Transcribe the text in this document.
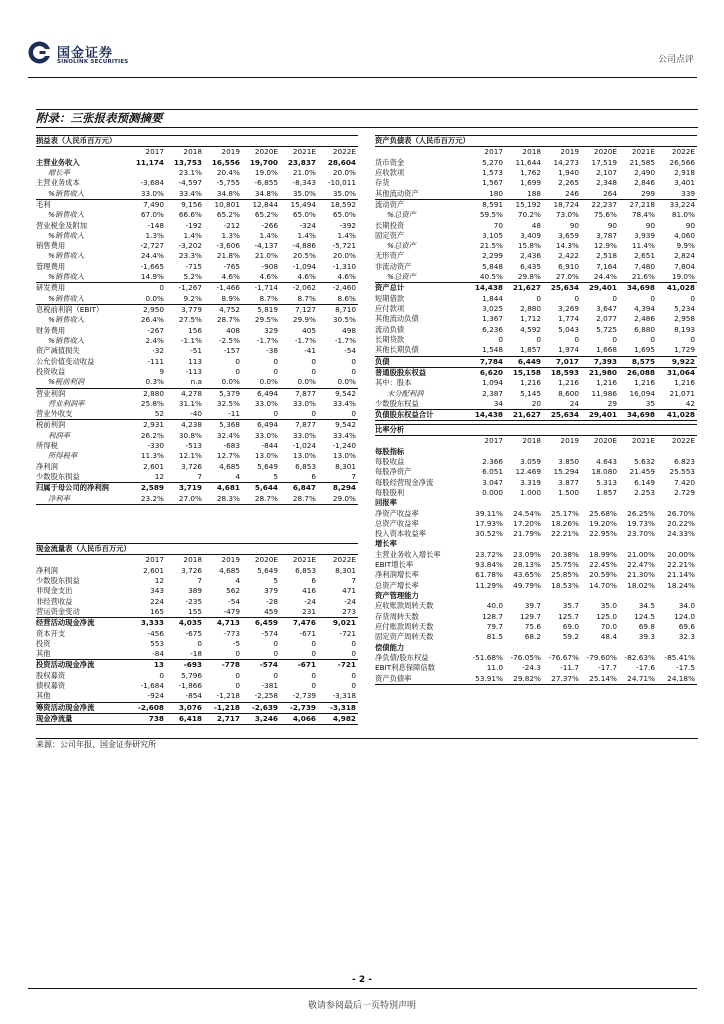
国金证券
SINOLINK SECURITIES	公司点评
附录：三张报表预测摘要
损益表（人民币百万元）						
	2017	2018	2019	2020E	2021E	2022E
主营业务收入	11,174	13,753	16,556	19,700	23,837	28,604
增长率		23.1%	20.4%	19.0%	21.0%	20.0%
主营业务成本	-3,684	-4,597	-5,755	-6,855	-8,343	-10,011
%销售收入	33.0%	33.4%	34.8%	34.8%	35.0%	35.0%
毛利	7,490	9,156	10,801	12,844	15,494	18,592
%销售收入	67.0%	66.6%	65.2%	65.2%	65.0%	65.0%
营业税金及附加	-148	-192	-212	-266	-324	-392
%销售收入	1.3%	1.4%	1.3%	1.4%	1.4%	1.4%
销售费用	-2,727	-3,202	-3,606	-4,137	-4,886	-5,721
%销售收入	24.4%	23.3%	21.8%	21.0%	20.5%	20.0%
管理费用	-1,665	-715	-765	-908	-1,094	-1,310
%销售收入	14.9%	5.2%	4.6%	4.6%	4.6%	4.6%
研发费用	0	-1,267	-1,466	-1,714	-2,062	-2,460
%销售收入	0.0%	9.2%	8.9%	8.7%	8.7%	8.6%
息税前利润（EBIT）	2,950	3,779	4,752	5,819	7,127	8,710
%销售收入	26.4%	27.5%	28.7%	29.5%	29.9%	30.5%
财务费用	-267	156	408	329	405	498
%销售收入	2.4%	-1.1%	-2.5%	-1.7%	-1.7%	-1.7%
资产减值损失	-32	-51	-157	-38	-41	-54
公允价值变动收益	-111	113	0	0	0	0
投资收益	9	-113	0	0	0	0
%税前利润	0.3%	n.a	0.0%	0.0%	0.0%	0.0%
营业利润	2,880	4,278	5,379	6,494	7,877	9,542
营业利润率	25.8%	31.1%	32.5%	33.0%	33.0%	33.4%
营业外收支	52	-40	-11	0	0	0
税前利润	2,931	4,238	5,368	6,494	7,877	9,542
利润率	26.2%	30.8%	32.4%	33.0%	33.0%	33.4%
所得税	-330	-513	-683	-844	-1,024	-1,240
所得税率	11.3%	12.1%	12.7%	13.0%	13.0%	13.0%
净利润	2,601	3,726	4,685	5,649	6,853	8,301
少数股东损益	12	7	4	5	6	7
归属于母公司的净利润	2,589	3,719	4,681	5,644	6,847	8,294
净利率	23.2%	27.0%	28.3%	28.7%	28.7%	29.0%
现金流量表（人民币百万元）						
	2017	2018	2019	2020E	2021E	2022E
净利润	2,601	3,726	4,685	5,649	6,853	8,301
少数股东损益	12	7	4	5	6	7
非现金支出	343	389	562	379	416	471
非经营收益	224	-235	-54	-28	-24	-24
营运资金变动	165	155	-479	459	231	273
经营活动现金净流	3,333	4,035	4,713	6,459	7,476	9,021
资本开支	-456	-675	-773	-574	-671	-721
投资	553	0	-5	0	0	0
其他	-84	-18	0	0	0	0
投资活动现金净流	13	-693	-778	-574	-671	-721
股权募资	0	5,796	0	0	0	0
债权募资	-1,684	-1,866	0	-381	0	0
其他	-924	-854	-1,218	-2,258	-2,739	-3,318
筹资活动现金净流	-2,608	3,076	-1,218	-2,639	-2,739	-3,318
现金净流量	738	6,418	2,717	3,246	4,066	4,982
资产负债表（人民币百万元）						
	2017	2018	2019	2020E	2021E	2022E
货币资金	5,270	11,644	14,273	17,519	21,585	26,566
应收款项	1,573	1,762	1,940	2,107	2,490	2,918
存货	1,567	1,699	2,265	2,348	2,846	3,401
其他流动资产	180	188	246	264	299	339
流动资产	8,591	15,192	18,724	22,237	27,218	33,224
%总资产	59.5%	70.2%	73.0%	75.6%	78.4%	81.0%
长期投资	70	48	90	90	90	90
固定资产	3,105	3,409	3,659	3,787	3,939	4,060
%总资产	21.5%	15.8%	14.3%	12.9%	11.4%	9.9%
无形资产	2,299	2,436	2,422	2,518	2,651	2,824
非流动资产	5,848	6,435	6,910	7,164	7,480	7,804
%总资产	40.5%	29.8%	27.0%	24.4%	21.6%	19.0%
资产总计	14,438	21,627	25,634	29,401	34,698	41,028
短期借款	1,844	0	0	0	0	0
应付款项	3,025	2,880	3,269	3,647	4,394	5,234
其他流动负债	1,367	1,712	1,774	2,077	2,486	2,958
流动负债	6,236	4,592	5,043	5,725	6,880	8,193
长期贷款	0	0	0	0	0	0
其他长期负债	1,548	1,857	1,974	1,668	1,695	1,729
负债	7,784	6,449	7,017	7,393	8,575	9,922
普通股股东权益	6,620	15,158	18,593	21,980	26,088	31,064
其中：股本	1,094	1,216	1,216	1,216	1,216	1,216
未分配利润	2,387	5,145	8,600	11,986	16,094	21,071
少数股东权益	34	20	24	29	35	42
负债股东权益合计	14,438	21,627	25,634	29,401	34,698	41,028
比率分析						
	2017	2018	2019	2020E	2021E	2022E
每股指标						
每股收益	2.366	3.059	3.850	4.643	5.632	6.823
每股净资产	6.051	12.469	15.294	18.080	21.459	25.553
每股经营现金净流	3.047	3.319	3.877	5.313	6.149	7.420
每股股利	0.000	1.000	1.500	1.857	2.253	2.729
回报率						
净资产收益率	39.11%	24.54%	25.17%	25.68%	26.25%	26.70%
总资产收益率	17.93%	17.20%	18.26%	19.20%	19.73%	20.22%
投入资本收益率	30.52%	21.79%	22.21%	22.95%	23.70%	24.33%
增长率						
主营业务收入增长率	23.72%	23.09%	20.38%	18.99%	21.00%	20.00%
EBIT增长率	93.84%	28.13%	25.75%	22.45%	22.47%	22.21%
净利润增长率	61.78%	43.65%	25.85%	20.59%	21.30%	21.14%
总资产增长率	11.29%	49.79%	18.53%	14.70%	18.02%	18.24%
资产管理能力						
应收账款周转天数	40.0	39.7	35.7	35.0	34.5	34.0
存货周转天数	128.7	129.7	125.7	125.0	124.5	124.0
应付账款周转天数	79.7	75.6	69.0	70.0	69.8	69.6
固定资产周转天数	81.5	68.2	59.2	48.4	39.3	32.3
偿债能力						
净负债/股东权益	-51.68%	-76.05%	-76.67%	-79.60%	-82.63%	-85.41%
EBIT利息保障倍数	11.0	-24.3	-11.7	-17.7	-17.6	-17.5
资产负债率	53.91%	29.82%	27.37%	25.14%	24.71%	24.18%
来源：公司年报、国金证券研究所
- 2 -
敬请参阅最后一页特别声明
